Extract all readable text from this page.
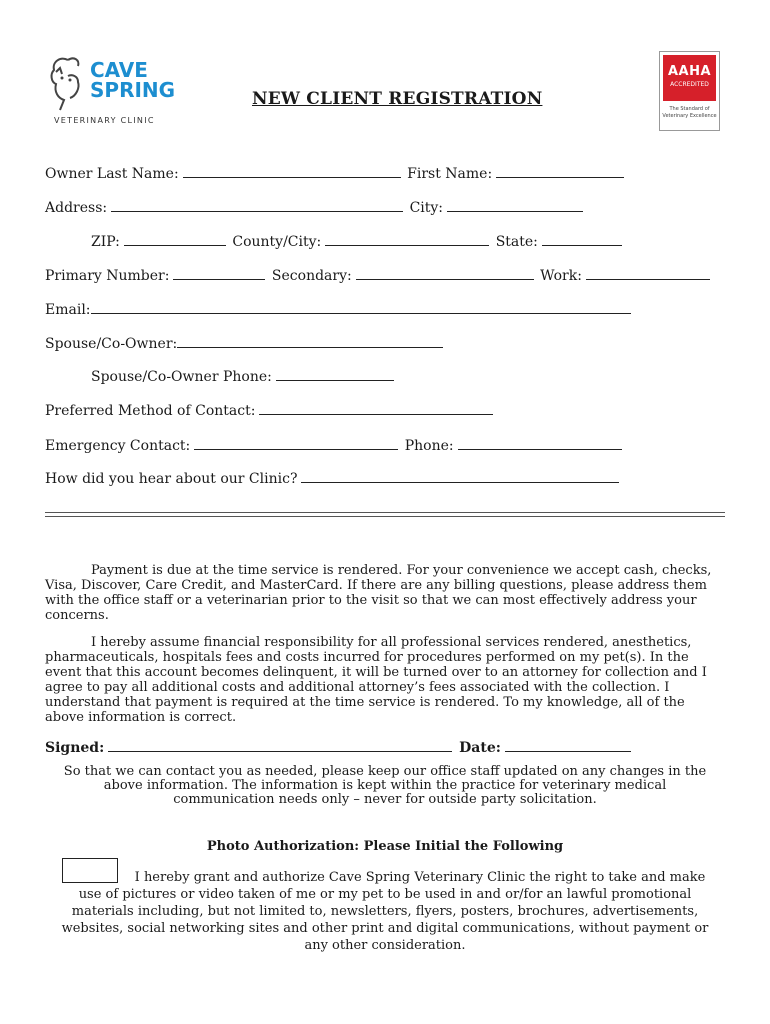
CAVE
SPRING
VETERINARY CLINIC
NEW CLIENT REGISTRATION
AAHA
ACCREDITED
The Standard of Veterinary Excellence
Owner Last Name:	First Name:
Address:	City:
ZIP:	County/City:	State:
Primary Number:	Secondary:	Work:
Email:
Spouse/Co-Owner:
Spouse/Co-Owner Phone:
Preferred Method of Contact:
Emergency Contact:	Phone:
How did you hear about our Clinic?
Payment is due at the time service is rendered. For your convenience we accept cash, checks, Visa, Discover, Care Credit, and MasterCard. If there are any billing questions, please address them with the office staff or a veterinarian prior to the visit so that we can most effectively address your concerns.
I hereby assume financial responsibility for all professional services rendered, anesthetics, pharmaceuticals, hospitals fees and costs incurred for procedures performed on my pet(s). In the event that this account becomes delinquent, it will be turned over to an attorney for collection and I agree to pay all additional costs and additional attorney’s fees associated with the collection. I understand that payment is required at the time service is rendered. To my knowledge, all of the above information is correct.
Signed:	Date:
So that we can contact you as needed, please keep our office staff updated on any changes in the above information. The information is kept within the practice for veterinary medical communication needs only – never for outside party solicitation.
Photo Authorization: Please Initial the Following
I hereby grant and authorize Cave Spring Veterinary Clinic the right to take and make use of pictures or video taken of me or my pet to be used in and or/for an lawful promotional materials including, but not limited to, newsletters, flyers, posters, brochures, advertisements, websites, social networking sites and other print and digital communications, without payment or any other consideration.
